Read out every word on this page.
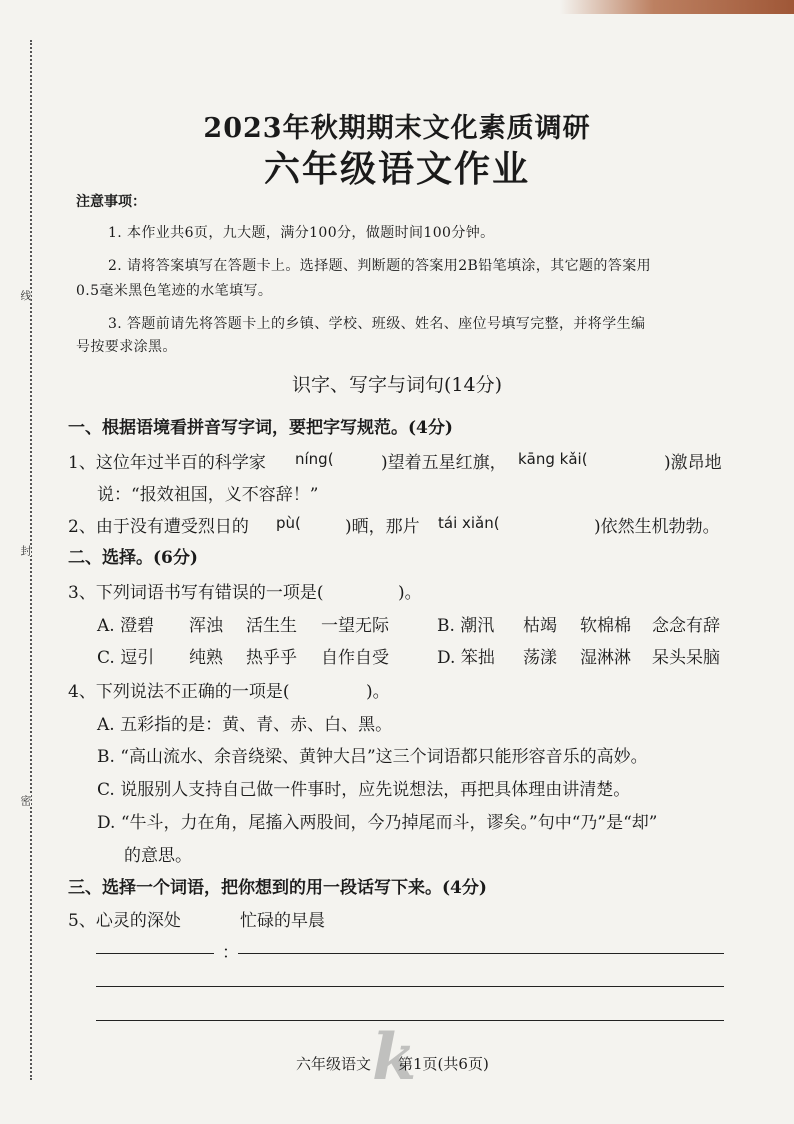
线
封
密
2023年秋期期末文化素质调研
六年级语文作业
注意事项：
1. 本作业共6页，九大题，满分100分，做题时间100分钟。
2. 请将答案填写在答题卡上。选择题、判断题的答案用2B铅笔填涂，其它题的答案用
0.5毫米黑色笔迹的水笔填写。
3. 答题前请先将答题卡上的乡镇、学校、班级、姓名、座位号填写完整，并将学生编
号按要求涂黑。
识字、写字与词句(14分)
一、根据语境看拼音写字词，要把字写规范。(4分)
1、这位年过半百的科学家 níng(	)望着五星红旗， kāng kǎi(	)激昂地
说：“报效祖国，义不容辞！”
2、由于没有遭受烈日的 pù(	)晒，那片 tái xiǎn(	)依然生机勃勃。
二、选择。(6分)
3、下列词语书写有错误的一项是(	)。
A. 澄碧 浑浊 活生生 一望无际	B. 潮汛 枯竭 软棉棉 念念有辞
C. 逗引 纯熟 热乎乎 自作自受	D. 笨拙 荡漾 湿淋淋 呆头呆脑
4、下列说法不正确的一项是(	)。
A. 五彩指的是：黄、青、赤、白、黑。
B. “高山流水、余音绕梁、黄钟大吕”这三个词语都只能形容音乐的高妙。
C. 说服别人支持自己做一件事时，应先说想法，再把具体理由讲清楚。
D. “牛斗，力在角，尾搐入两股间，今乃掉尾而斗，谬矣。”句中“乃”是“却”
的意思。
三、选择一个词语，把你想到的用一段话写下来。(4分)
5、心灵的深处	忙碌的早晨
：
k
六年级语文 第1页(共6页)
